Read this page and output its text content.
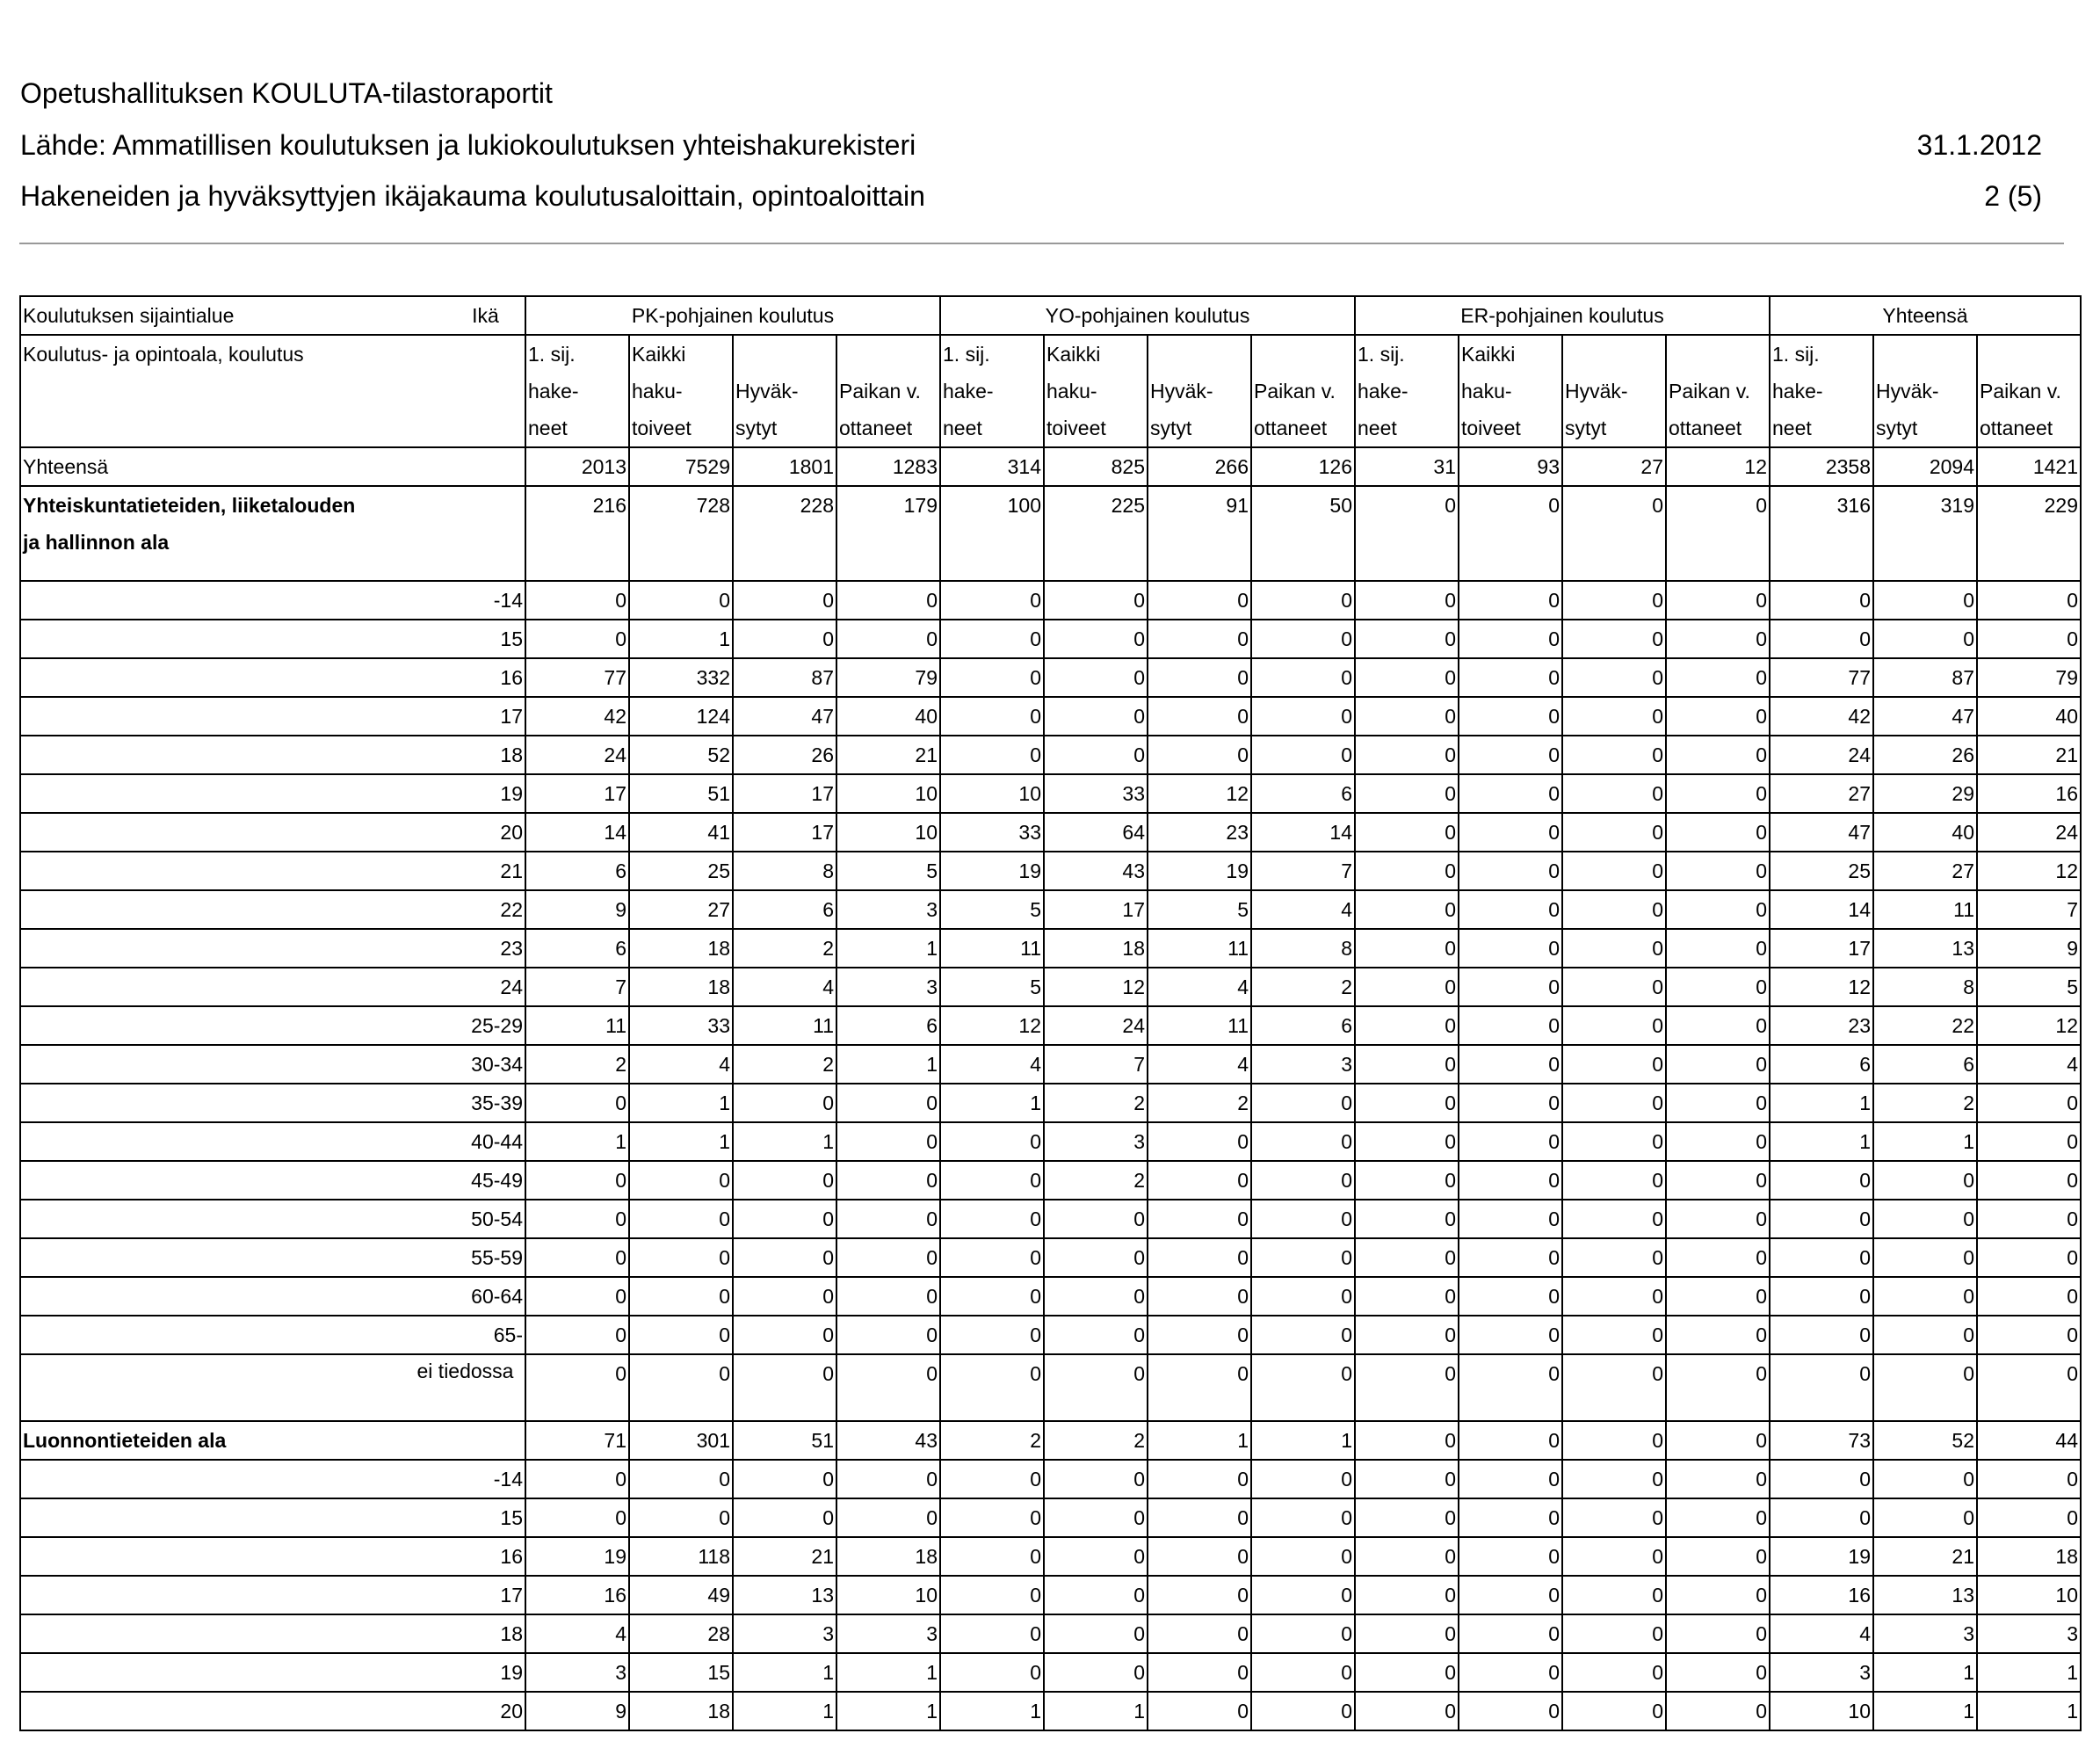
Opetushallituksen KOULUTA-tilastoraportit
Lähde: Ammatillisen koulutuksen ja lukiokoulutuksen yhteishakurekisteri	31.1.2012
Hakeneiden ja hyväksyttyjen ikäjakauma koulutusaloittain, opintoaloittain	2 (5)
Koulutuksen sijaintialue	Ikä	PK-pohjainen koulutus				YO-pohjainen koulutus				ER-pohjainen koulutus				Yhteensä		
Koulutus- ja opintoala, koulutus		1. sij.	Kaikki			1. sij.	Kaikki			1. sij.	Kaikki			1. sij.		
		hake-	haku-	Hyväk-	Paikan v.	hake-	haku-	Hyväk-	Paikan v.	hake-	haku-	Hyväk-	Paikan v.	hake-	Hyväk-	Paikan v.
		neet	toiveet	sytyt	ottaneet	neet	toiveet	sytyt	ottaneet	neet	toiveet	sytyt	ottaneet	neet	sytyt	ottaneet
Yhteensä		2013	7529	1801	1283	314	825	266	126	31	93	27	12	2358	2094	1421
Yhteiskuntatieteiden, liiketalouden ja hallinnon ala		216	728	228	179	100	225	91	50	0	0	0	0	316	319	229
-14		0	0	0	0	0	0	0	0	0	0	0	0	0	0	0
15		0	1	0	0	0	0	0	0	0	0	0	0	0	0	0
16		77	332	87	79	0	0	0	0	0	0	0	0	77	87	79
17		42	124	47	40	0	0	0	0	0	0	0	0	42	47	40
18		24	52	26	21	0	0	0	0	0	0	0	0	24	26	21
19		17	51	17	10	10	33	12	6	0	0	0	0	27	29	16
20		14	41	17	10	33	64	23	14	0	0	0	0	47	40	24
21		6	25	8	5	19	43	19	7	0	0	0	0	25	27	12
22		9	27	6	3	5	17	5	4	0	0	0	0	14	11	7
23		6	18	2	1	11	18	11	8	0	0	0	0	17	13	9
24		7	18	4	3	5	12	4	2	0	0	0	0	12	8	5
25-29		11	33	11	6	12	24	11	6	0	0	0	0	23	22	12
30-34		2	4	2	1	4	7	4	3	0	0	0	0	6	6	4
35-39		0	1	0	0	1	2	2	0	0	0	0	0	1	2	0
40-44		1	1	1	0	0	3	0	0	0	0	0	0	1	1	0
45-49		0	0	0	0	0	2	0	0	0	0	0	0	0	0	0
50-54		0	0	0	0	0	0	0	0	0	0	0	0	0	0	0
55-59		0	0	0	0	0	0	0	0	0	0	0	0	0	0	0
60-64		0	0	0	0	0	0	0	0	0	0	0	0	0	0	0
65-		0	0	0	0	0	0	0	0	0	0	0	0	0	0	0
ei tiedossa		0	0	0	0	0	0	0	0	0	0	0	0	0	0	0
Luonnontieteiden ala		71	301	51	43	2	2	1	1	0	0	0	0	73	52	44
-14		0	0	0	0	0	0	0	0	0	0	0	0	0	0	0
15		0	0	0	0	0	0	0	0	0	0	0	0	0	0	0
16		19	118	21	18	0	0	0	0	0	0	0	0	19	21	18
17		16	49	13	10	0	0	0	0	0	0	0	0	16	13	10
18		4	28	3	3	0	0	0	0	0	0	0	0	4	3	3
19		3	15	1	1	0	0	0	0	0	0	0	0	3	1	1
20		9	18	1	1	1	1	0	0	0	0	0	0	10	1	1
